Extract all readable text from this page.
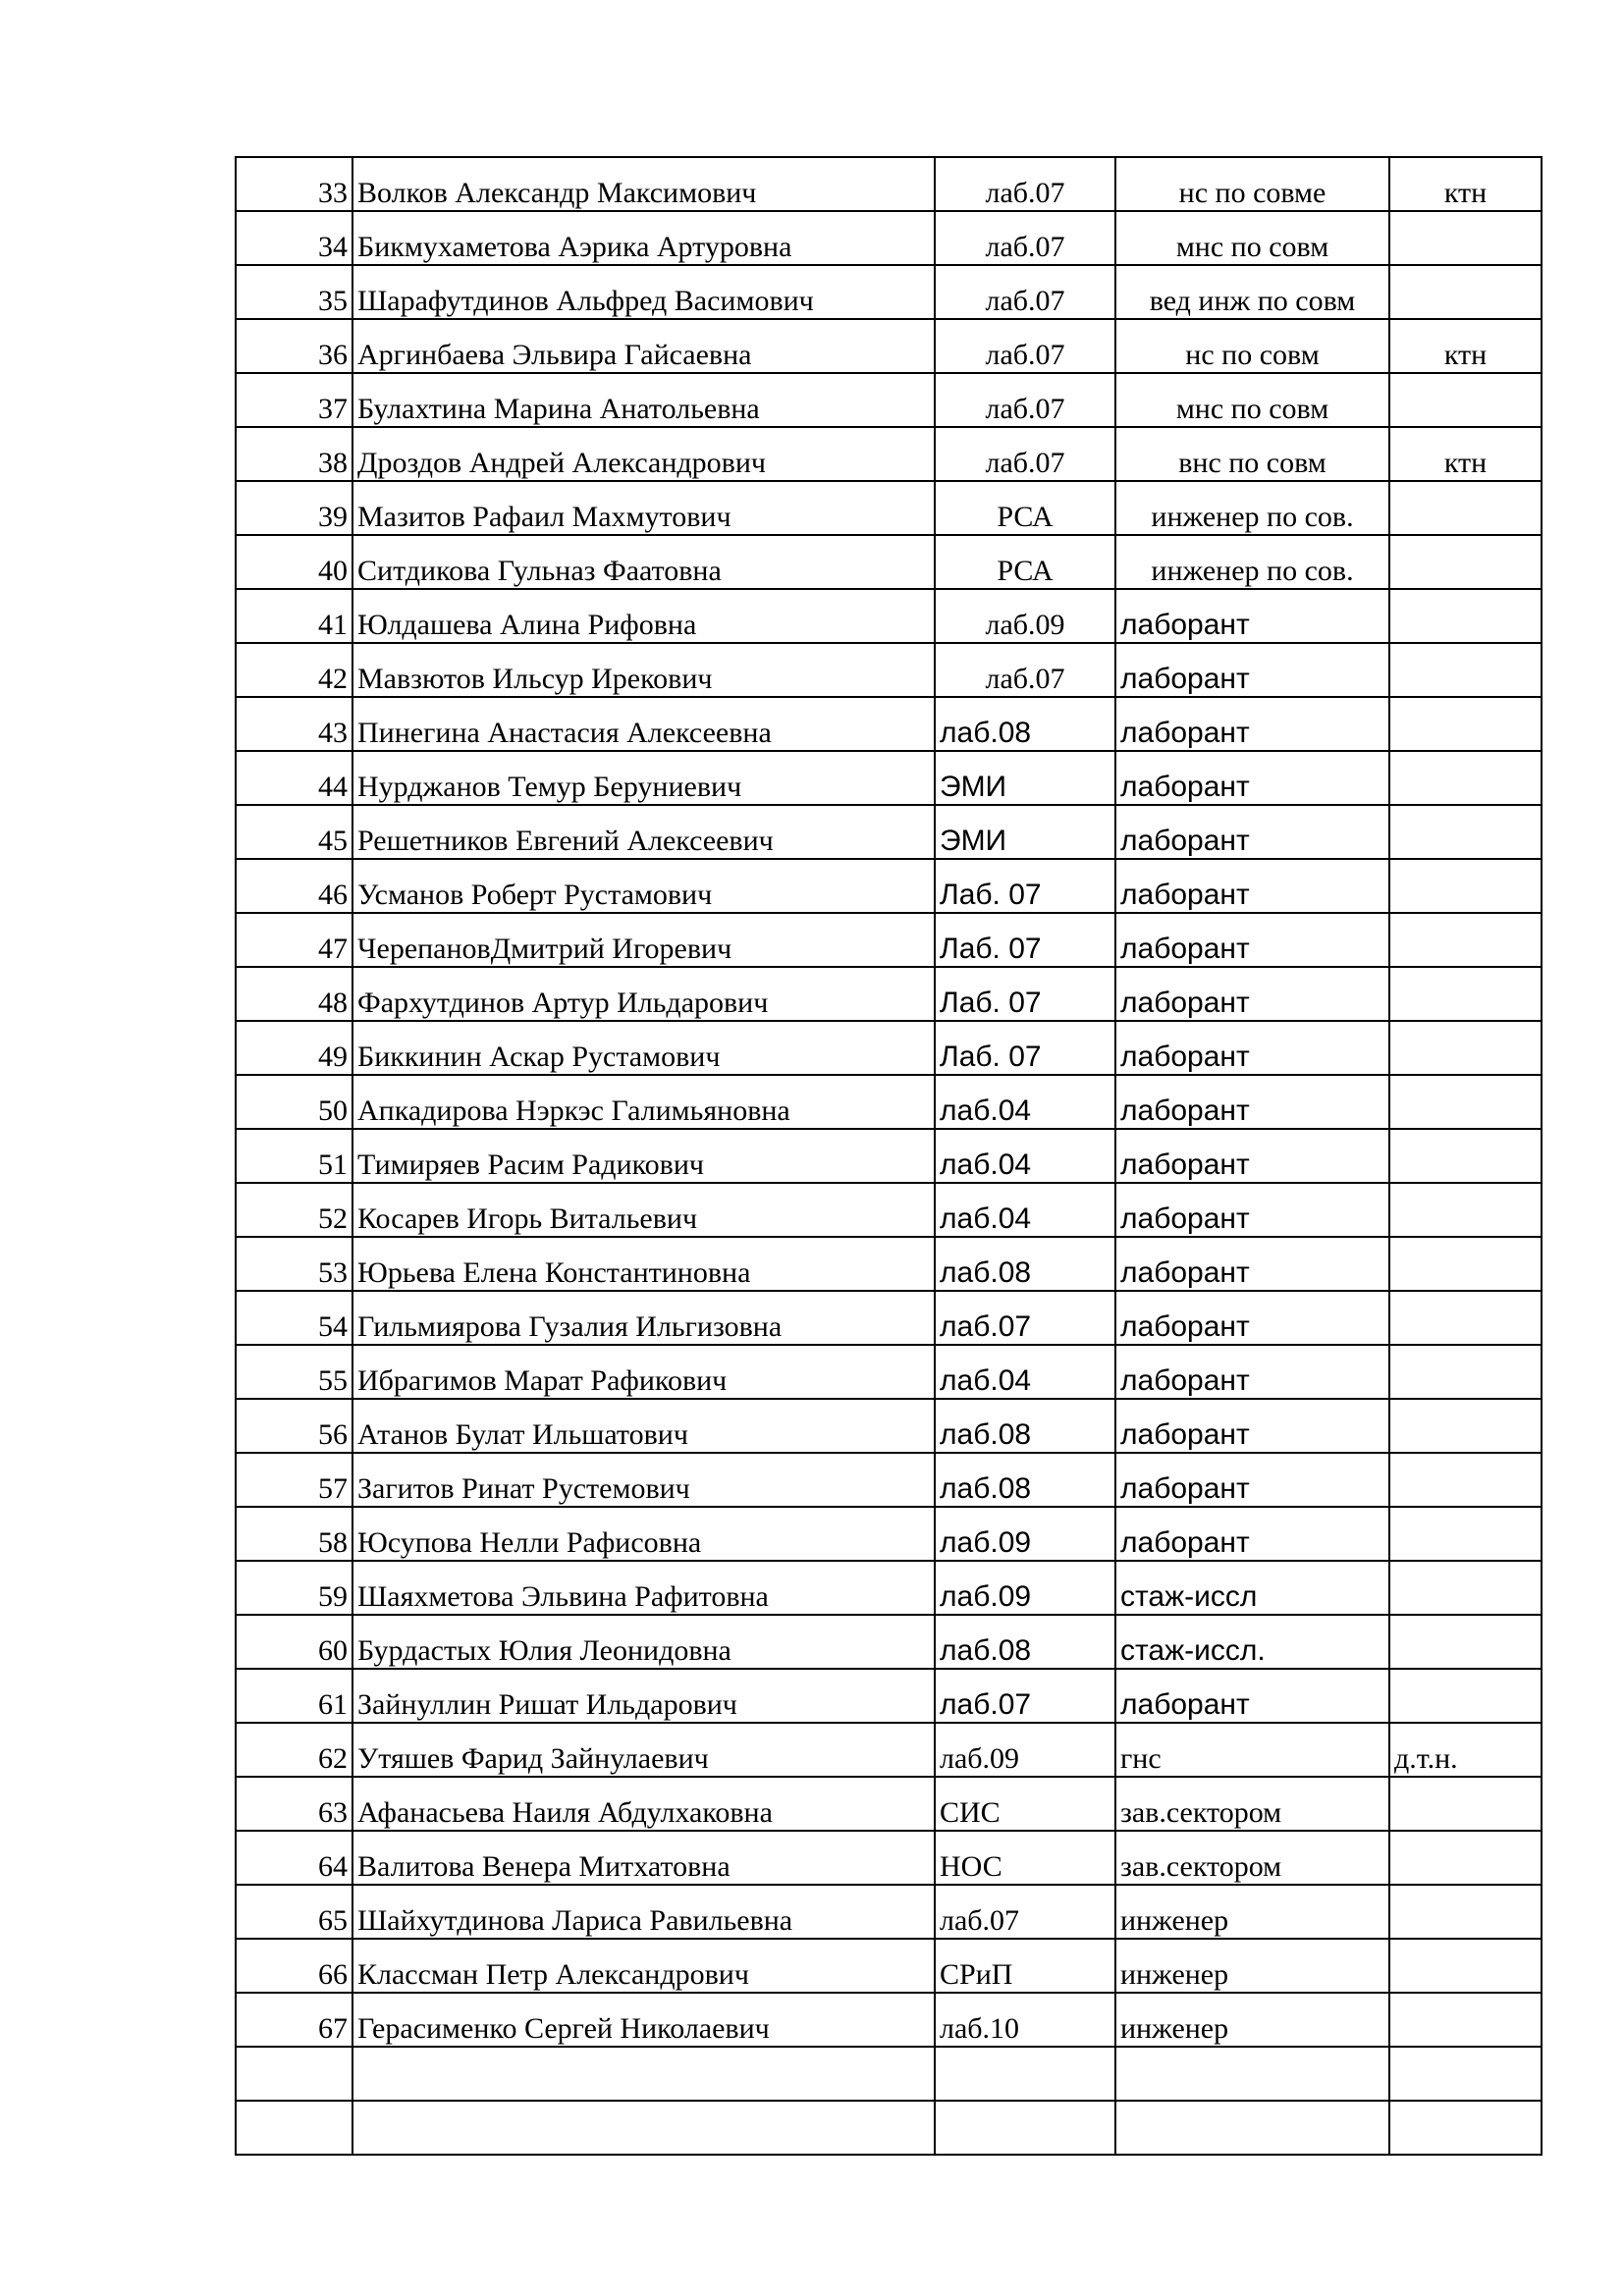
33	Волков Александр Максимович	лаб.07	нс по совме	ктн
34	Бикмухаметова Аэрика Артуровна	лаб.07	мнс по совм	
35	Шарафутдинов Альфред Васимович	лаб.07	вед инж по совм	
36	Аргинбаева Эльвира Гайсаевна	лаб.07	нс по совм	ктн
37	Булахтина Марина Анатольевна	лаб.07	мнс по совм	
38	Дроздов Андрей Александрович	лаб.07	внс по совм	ктн
39	Мазитов Рафаил Махмутович	РСА	инженер по сов.	
40	Ситдикова Гульназ Фаатовна	РСА	инженер по сов.	
41	Юлдашева Алина Рифовна	лаб.09	лаборант	
42	Мавзютов Ильсур Ирекович	лаб.07	лаборант	
43	Пинегина Анастасия Алексеевна	лаб.08	лаборант	
44	Нурджанов Темур Беруниевич	ЭМИ	лаборант	
45	Решетников Евгений Алексеевич	ЭМИ	лаборант	
46	Усманов Роберт Рустамович	Лаб. 07	лаборант	
47	ЧерепановДмитрий Игоревич	Лаб. 07	лаборант	
48	Фархутдинов Артур Ильдарович	Лаб. 07	лаборант	
49	Биккинин Аскар Рустамович	Лаб. 07	лаборант	
50	Апкадирова Нэркэс Галимьяновна	лаб.04	лаборант	
51	Тимиряев Расим Радикович	лаб.04	лаборант	
52	Косарев Игорь Витальевич	лаб.04	лаборант	
53	Юрьева Елена Константиновна	лаб.08	лаборант	
54	Гильмиярова Гузалия Ильгизовна	лаб.07	лаборант	
55	Ибрагимов Марат Рафикович	лаб.04	лаборант	
56	Атанов Булат Ильшатович	лаб.08	лаборант	
57	Загитов Ринат Рустемович	лаб.08	лаборант	
58	Юсупова Нелли Рафисовна	лаб.09	лаборант	
59	Шаяхметова Эльвина Рафитовна	лаб.09	стаж-иссл	
60	Бурдастых Юлия Леонидовна	лаб.08	стаж-иссл.	
61	Зайнуллин Ришат Ильдарович	лаб.07	лаборант	
62	Утяшев Фарид Зайнулаевич	лаб.09	гнс	д.т.н.
63	Афанасьева Наиля Абдулхаковна	СИС	зав.сектором	
64	Валитова Венера Митхатовна	НОС	зав.сектором	
65	Шайхутдинова Лариса Равильевна	лаб.07	инженер	
66	Классман Петр Александрович	СРиП	инженер	
67	Герасименко Сергей Николаевич	лаб.10	инженер	
